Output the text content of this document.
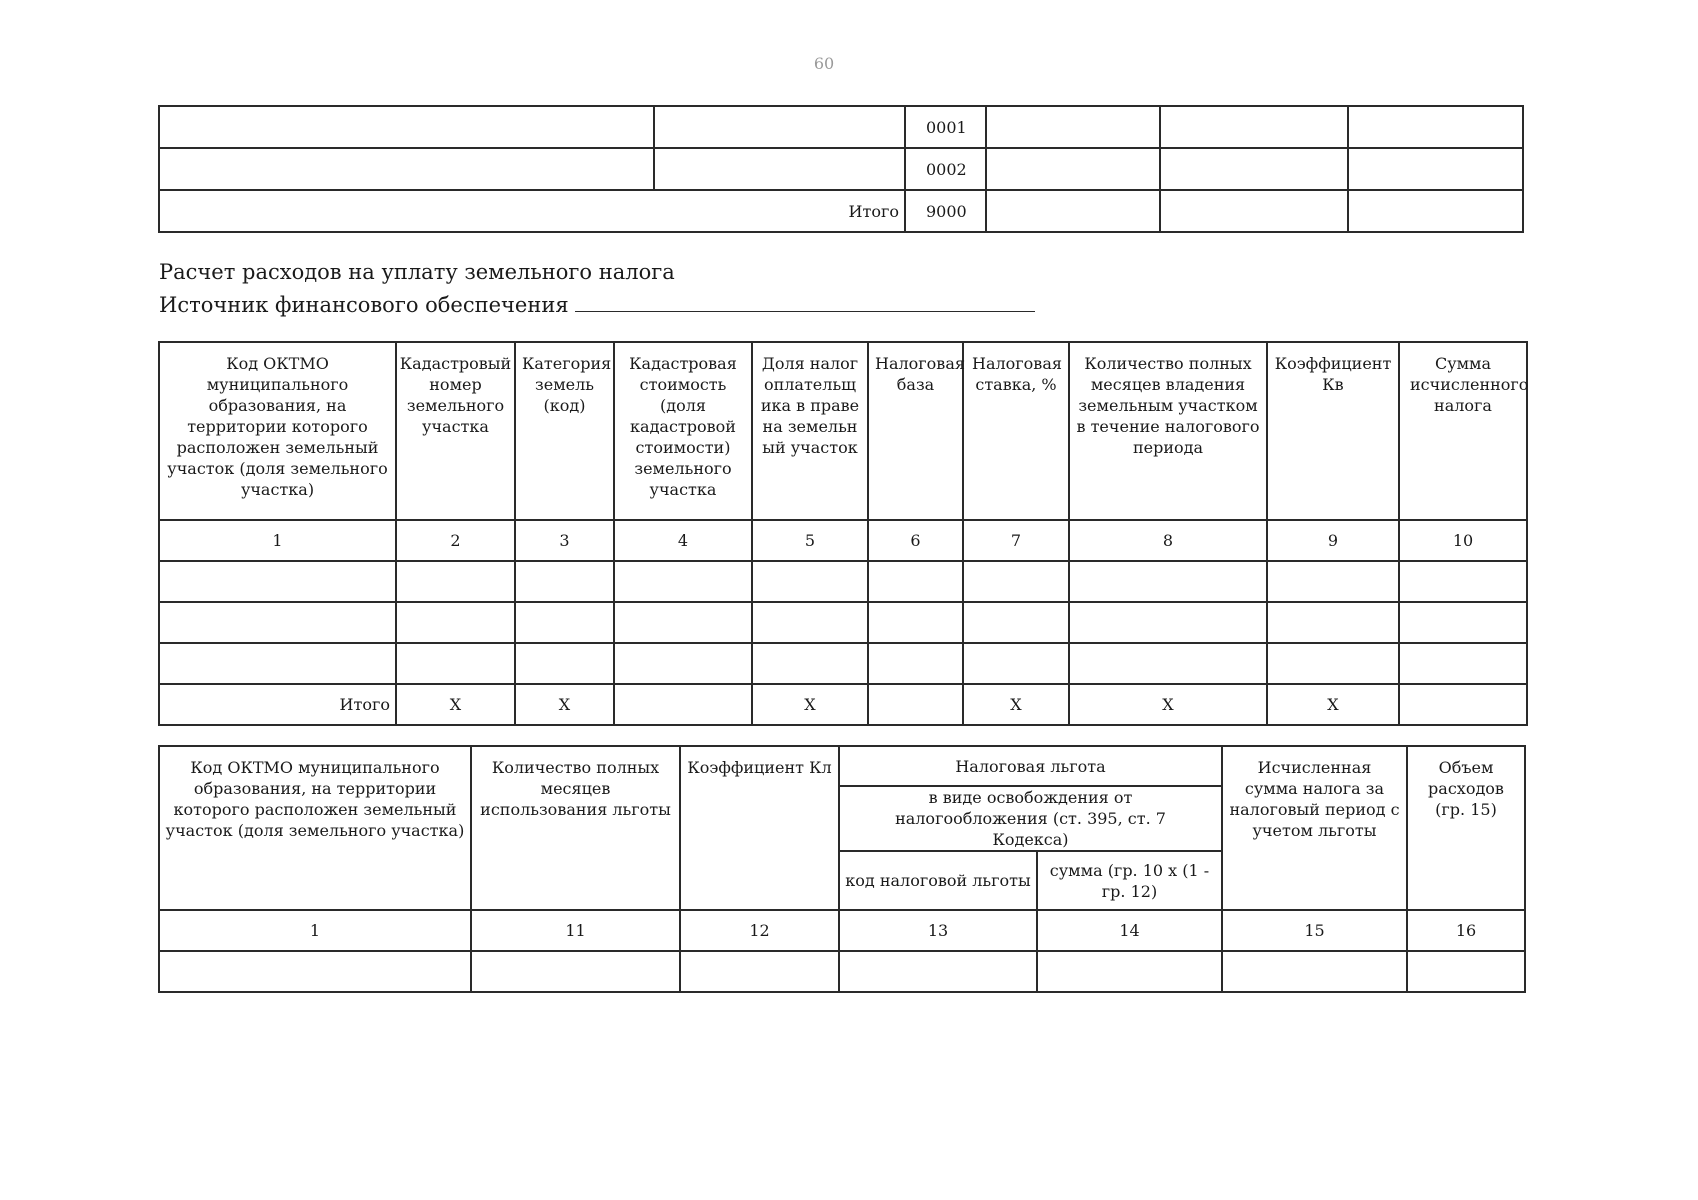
60
		0001			
		0002			
Итого		9000			
Расчет расходов на уплату земельного налога
Источник финансового обеспечения
Код ОКТМО муниципального образования, на территории которого расположен земельный участок (доля земельного участка)	Кадастровый номер земельного участка	Категория земель (код)	Кадастровая стоимость (доля кадастровой стоимости) земельного участка	Доля налогоплательщика в праве на земельный участок	Налоговая база	Налоговая ставка, %	Количество полных месяцев владения земельным участком в течение налогового периода	Коэффициент Кв	Сумма исчисленного налога
1	2	3	4	5	6	7	8	9	10

Итого	Х	Х		Х		Х	Х	Х	
Код ОКТМО муниципального образования, на территории которого расположен земельный участок (доля земельного участка)	Количество полных месяцев использования льготы	Коэффициент Кл	Налоговая льгота		Исчисленная сумма налога за налоговый период с учетом льготы	Объем расходов (гр. 15)
			в виде освобождения от налогообложения (ст. 395, ст. 7 Кодекса)			
			код налоговой льготы	сумма (гр. 10 х (1 - гр. 12)		
1	11	12	13	14	15	16
